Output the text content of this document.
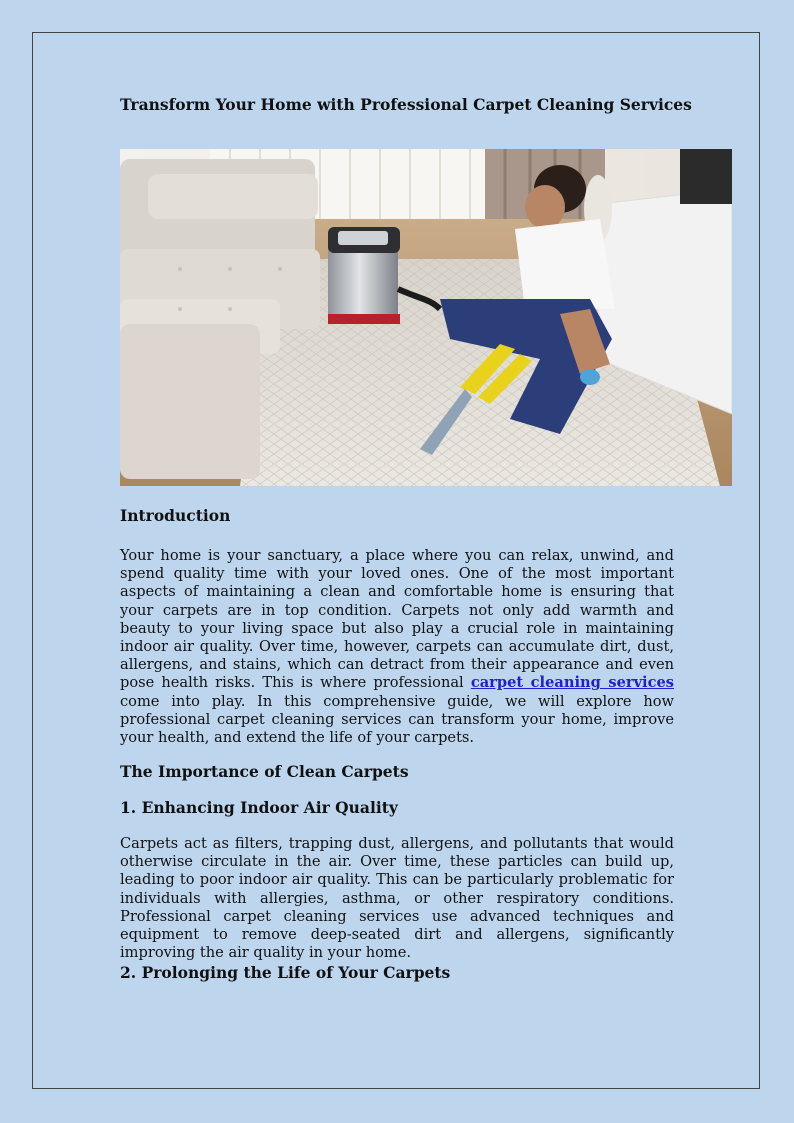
Transform Your Home with Professional Carpet Cleaning Services
Introduction

Your home is your sanctuary, a place where you can relax, unwind, and spend quality time with your loved ones. One of the most important aspects of maintaining a clean and comfortable home is ensuring that your carpets are in top condition. Carpets not only add warmth and beauty to your living space but also play a crucial role in maintaining indoor air quality. Over time, however, carpets can accumulate dirt, dust, allergens, and stains, which can detract from their appearance and even pose health risks. This is where professional carpet cleaning services come into play. In this comprehensive guide, we will explore how professional carpet cleaning services can transform your home, improve your health, and extend the life of your carpets.

The Importance of Clean Carpets
1. Enhancing Indoor Air Quality

Carpets act as filters, trapping dust, allergens, and pollutants that would otherwise circulate in the air. Over time, these particles can build up, leading to poor indoor air quality. This can be particularly problematic for individuals with allergies, asthma, or other respiratory conditions. Professional carpet cleaning services use advanced techniques and equipment to remove deep-seated dirt and allergens, significantly improving the air quality in your home.

2. Prolonging the Life of Your Carpets
